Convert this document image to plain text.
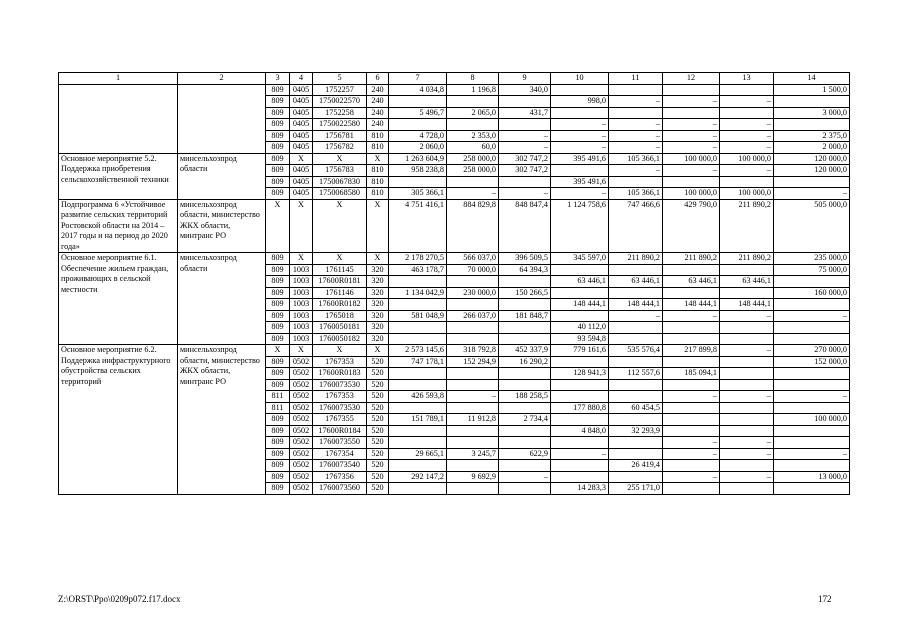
1	2	3	4	5	6	7	8	9	10	11	12	13	14
		809	0405	1752257	240	4 034,8	1 196,8	340,0					1 500,0
		809	0405	1750022570	240				998,0	–	–	–	
		809	0405	1752258	240	5 496,7	2 065,0	431,7					3 000,0
		809	0405	1750022580	240				–	–	–	–	
		809	0405	1756781	810	4 728,0	2 353,0	–	–	–	–	–	2 375,0
		809	0405	1756782	810	2 060,0	60,0	–	–	–	–	–	2 000,0
Основное мероприятие 5.2. Поддержка приобретения сельскохозяйственной техники	минсельхозпрод области	809	X	X	X	1 263 604,9	258 000,0	302 747,2	395 491,6	105 366,1	100 000,0	100 000,0	120 000,0
		809	0405	1756783	810	958 238,8	258 000,0	302 747,2		–	–	–	120 000,0
		809	0405	1750067830	810				395 491,6				
		809	0405	1750068580	810	305 366,1	–	–	–	105 366,1	100 000,0	100 000,0	–
Подпрограмма 6 «Устойчивое развитие сельских территорий Ростовской области на 2014 – 2017 годы и на период до 2020 года»	минсельхозпрод области, министерство ЖКХ области, минтранс РО	X	X	X	X	4 751 416,1	884 829,8	848 847,4	1 124 758,6	747 466,6	429 790,0	211 890,2	505 000,0
Основное мероприятие 6.1. Обеспечение жильем граждан, проживающих в сельской местности	минсельхозпрод области	809	X	X	X	2 178 270,5	566 037,0	396 509,5	345 597,0	211 890,2	211 890,2	211 890,2	235 000,0
		809	1003	1761145	320	463 178,7	70 000,0	64 394,3					75 000,0
		809	1003	17600R0181	320				63 446,1	63 446,1	63 446,1	63 446,1	
		809	1003	1761146	320	1 134 042,9	230 000,0	150 266,5					160 000,0
		809	1003	17600R0182	320				148 444,1	148 444,1	148 444,1	148 444,1	
		809	1003	1765018	320	581 048,9	266 037,0	181 848,7		–	–	–	–
		809	1003	1760050181	320				40 112,0				
		809	1003	1760050182	320				93 594,8				
Основное мероприятие 6.2. Поддержка инфраструктурного обустройства сельских территорий	минсельхозпрод области, министерство ЖКХ области, минтранс РО	X	X	X	X	2 573 145,6	318 792,8	452 337,9	779 161,6	535 576,4	217 899,8	–	270 000,0
		809	0502	1767353	520	747 178,1	152 294,9	16 290,2					152 000,0
		809	0502	17600R0183	520				128 941,3	112 557,6	185 094,1		
		809	0502	1760073530	520								
		811	0502	1767353	520	426 593,8	–	188 258,5			–	–	–
		811	0502	1760073530	520				177 880,8	60 454,5			
		809	0502	1767355	520	151 789,1	11 912,8	2 734,4					100 000,0
		809	0502	17600R0184	520				4 848,0	32 293,9			
		809	0502	1760073550	520						–	–	
		809	0502	1767354	520	29 665,1	3 245,7	622,9	–		–	–	–
		809	0502	1760073540	520					26 419,4			
		809	0502	1767356	520	292 147,2	9 692,9	–			–	–	13 000,0
		809	0502	1760073560	520				14 283,3	255 171,0			
Z:\ORST\Ppo\0209p072.f17.docx	172
